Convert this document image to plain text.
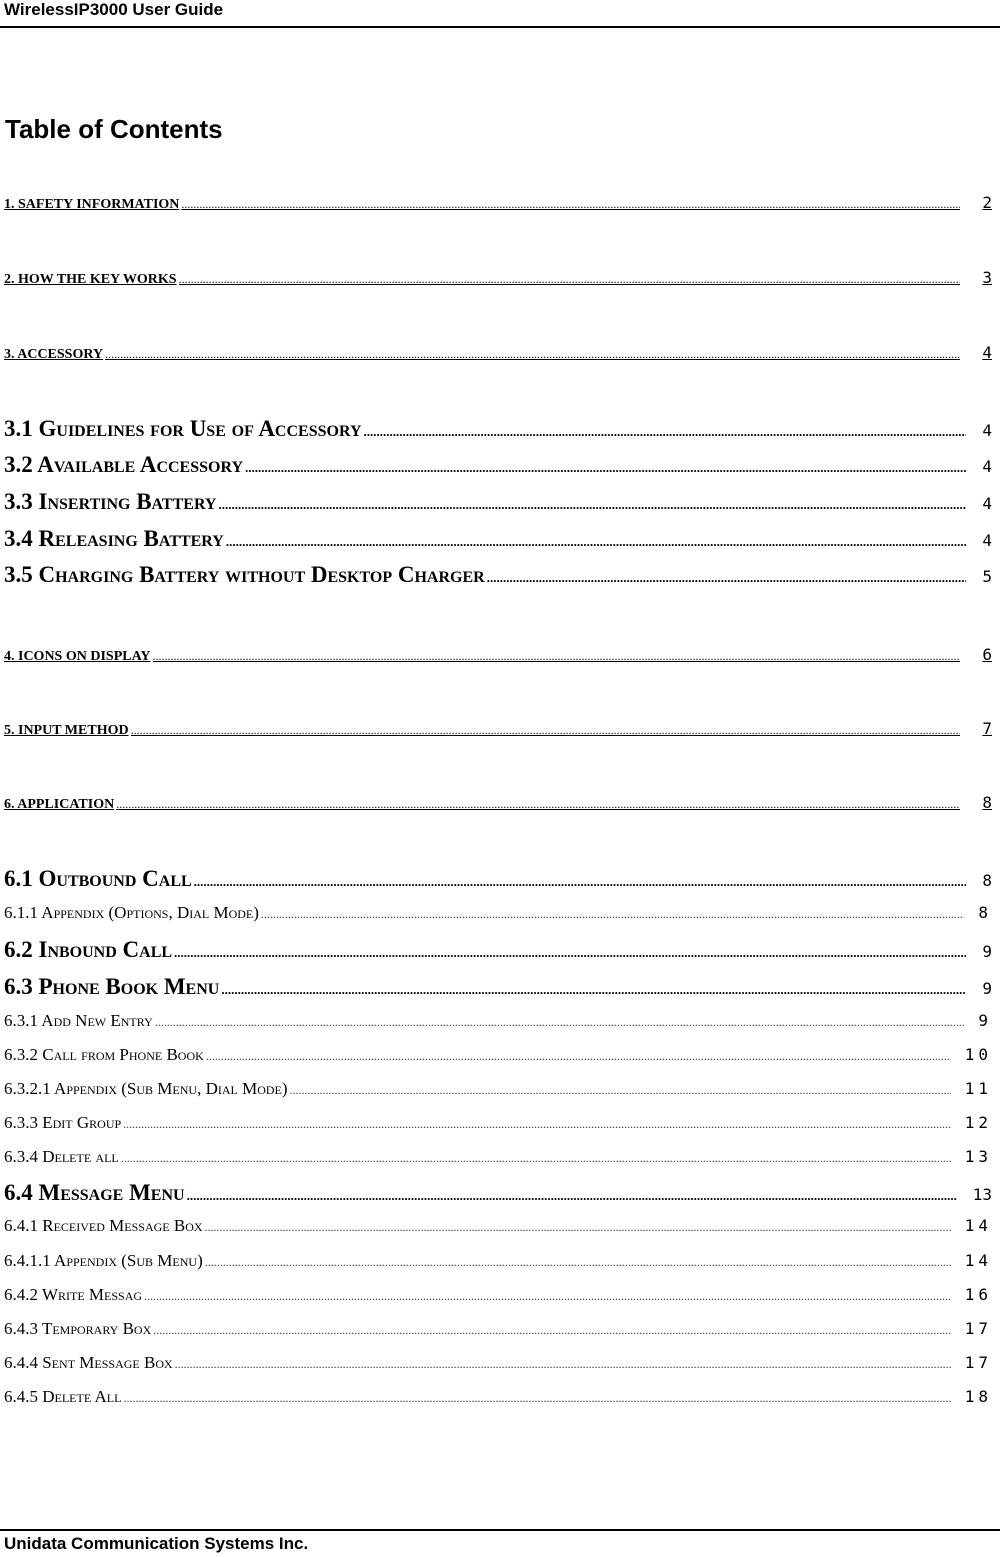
WirelessIP3000 User Guide
Table of Contents
1. SAFETY INFORMATION .....	2
2. HOW THE KEY WORKS .....	3
3. ACCESSORY .....	4
3.1 Guidelines for Use of Accessory .....	4
3.2 Available Accessory .....	4
3.3 Inserting Battery .....	4
3.4 Releasing Battery .....	4
3.5 Charging Battery without Desktop Charger .....	5
4. ICONS ON DISPLAY .....	6
5. INPUT METHOD .....	7
6. APPLICATION .....	8
6.1 Outbound Call .....	8
6.1.1 Appendix (Options, Dial Mode) .....	8
6.2 Inbound Call .....	9
6.3 Phone Book Menu .....	9
6.3.1 Add New Entry .....	9
6.3.2 Call from Phone Book .....	10
6.3.2.1 Appendix (Sub Menu, Dial Mode) .....	11
6.3.3 Edit Group .....	12
6.3.4 Delete all .....	13
6.4 Message Menu .....	13
6.4.1 Received Message Box .....	14
6.4.1.1 Appendix (Sub Menu) .....	14
6.4.2 Write Messag .....	16
6.4.3 Temporary Box .....	17
6.4.4 Sent Message Box .....	17
6.4.5 Delete All .....	18
Unidata Communication Systems Inc.
